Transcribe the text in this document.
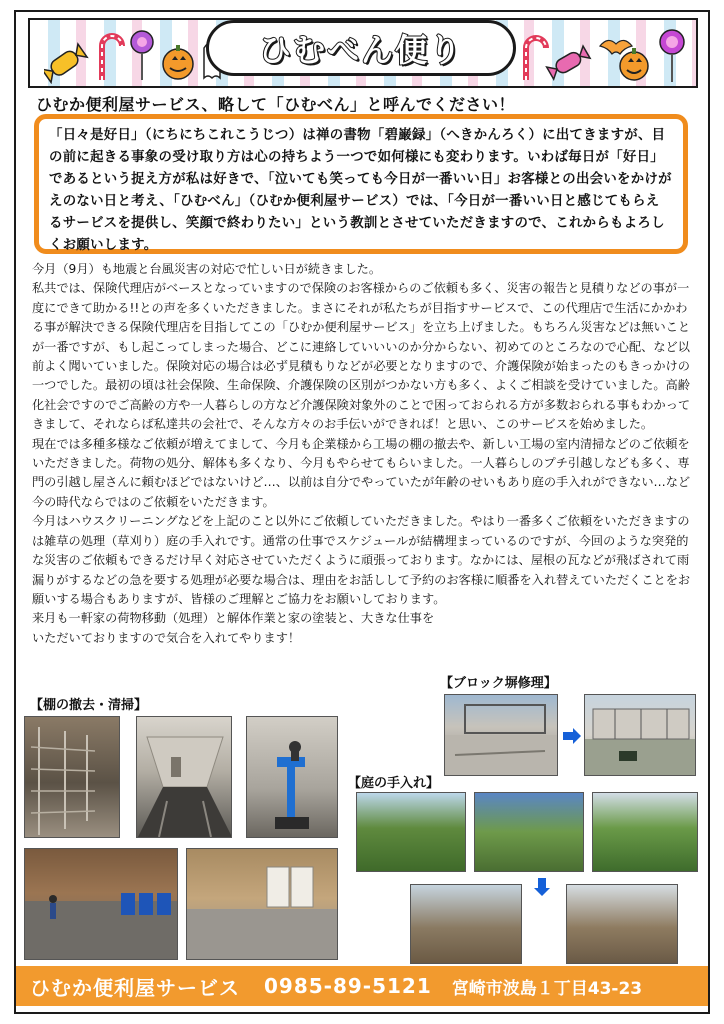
ひむべん便り
ひむか便利屋サービス、略して「ひむべん」と呼んでください！

「日々是好日」（にちにちこれこうじつ）は禅の書物「碧巌録」（へきかんろく）に出てきますが、目の前に起きる事象の受け取り方は心の持ちよう一つで如何様にも変わります。いわば毎日が「好日」であるという捉え方が私は好きで、「泣いても笑っても今日が一番いい日」お客様との出会いをかけがえのない日と考え、「ひむべん」（ひむか便利屋サービス）では、「今日が一番いい日と感じてもらえるサービスを提供し、笑顔で終わりたい」という教訓とさせていただきますので、これからもよろしくお願いします。

今月（9月）も地震と台風災害の対応で忙しい日が続きました。

私共では、保険代理店がベースとなっていますので保険のお客様からのご依頼も多く、災害の報告と見積りなどの事が一度にできて助かる!!との声を多くいただきました。まさにそれが私たちが目指すサービスで、この代理店で生活にかかわる事が解決できる保険代理店を目指してこの「ひむか便利屋サービス」を立ち上げました。もちろん災害などは無いことが一番ですが、もし起こってしまった場合、どこに連絡していいいのか分からない、初めてのところなので心配、など以前よく聞いていました。保険対応の場合は必ず見積もりなどが必要となりますので、介護保険が始まったのもきっかけの一つでした。最初の頃は社会保険、生命保険、介護保険の区別がつかない方も多く、よくご相談を受けていました。高齢化社会ですのでご高齢の方や一人暮らしの方など介護保険対象外のことで困っておられる方が多数おられる事もわかってきまして、それならば私達共の会社で、そんな方々のお手伝いができれば！と思い、このサービスを始めました。

現在では多種多様なご依頼が増えてまして、今月も企業様から工場の棚の撤去や、新しい工場の室内清掃などのご依頼をいただきました。荷物の処分、解体も多くなり、今月もやらせてもらいました。一人暮らしのプチ引越しなども多く、専門の引越し屋さんに頼むほどではないけど…、以前は自分でやっていたが年齢のせいもあり庭の手入れができない…など今の時代ならではのご依頼をいただきます。

今月はハウスクリーニングなどを上記のこと以外にご依頼していただきました。やはり一番多くご依頼をいただきますのは雑草の処理（草刈り）庭の手入れです。通常の仕事でスケジュールが結構埋まっているのですが、今回のような突発的な災害のご依頼もできるだけ早く対応させていただくように頑張っております。なかには、屋根の瓦などが飛ばされて雨漏りがするなどの急を要する処理が必要な場合は、理由をお話しして予約のお客様に順番を入れ替えていただくことをお願いする場合もありますが、皆様のご理解とご協力をお願いしております。

来月も一軒家の荷物移動（処理）と解体作業と家の塗装と、大きな仕事をいただいておりますので気合を入れてやります！

【棚の撤去・清掃】
【ブロック塀修理】
【庭の手入れ】
ひむか便利屋サービス 0985-89-5121 宮崎市波島１丁目43-23
